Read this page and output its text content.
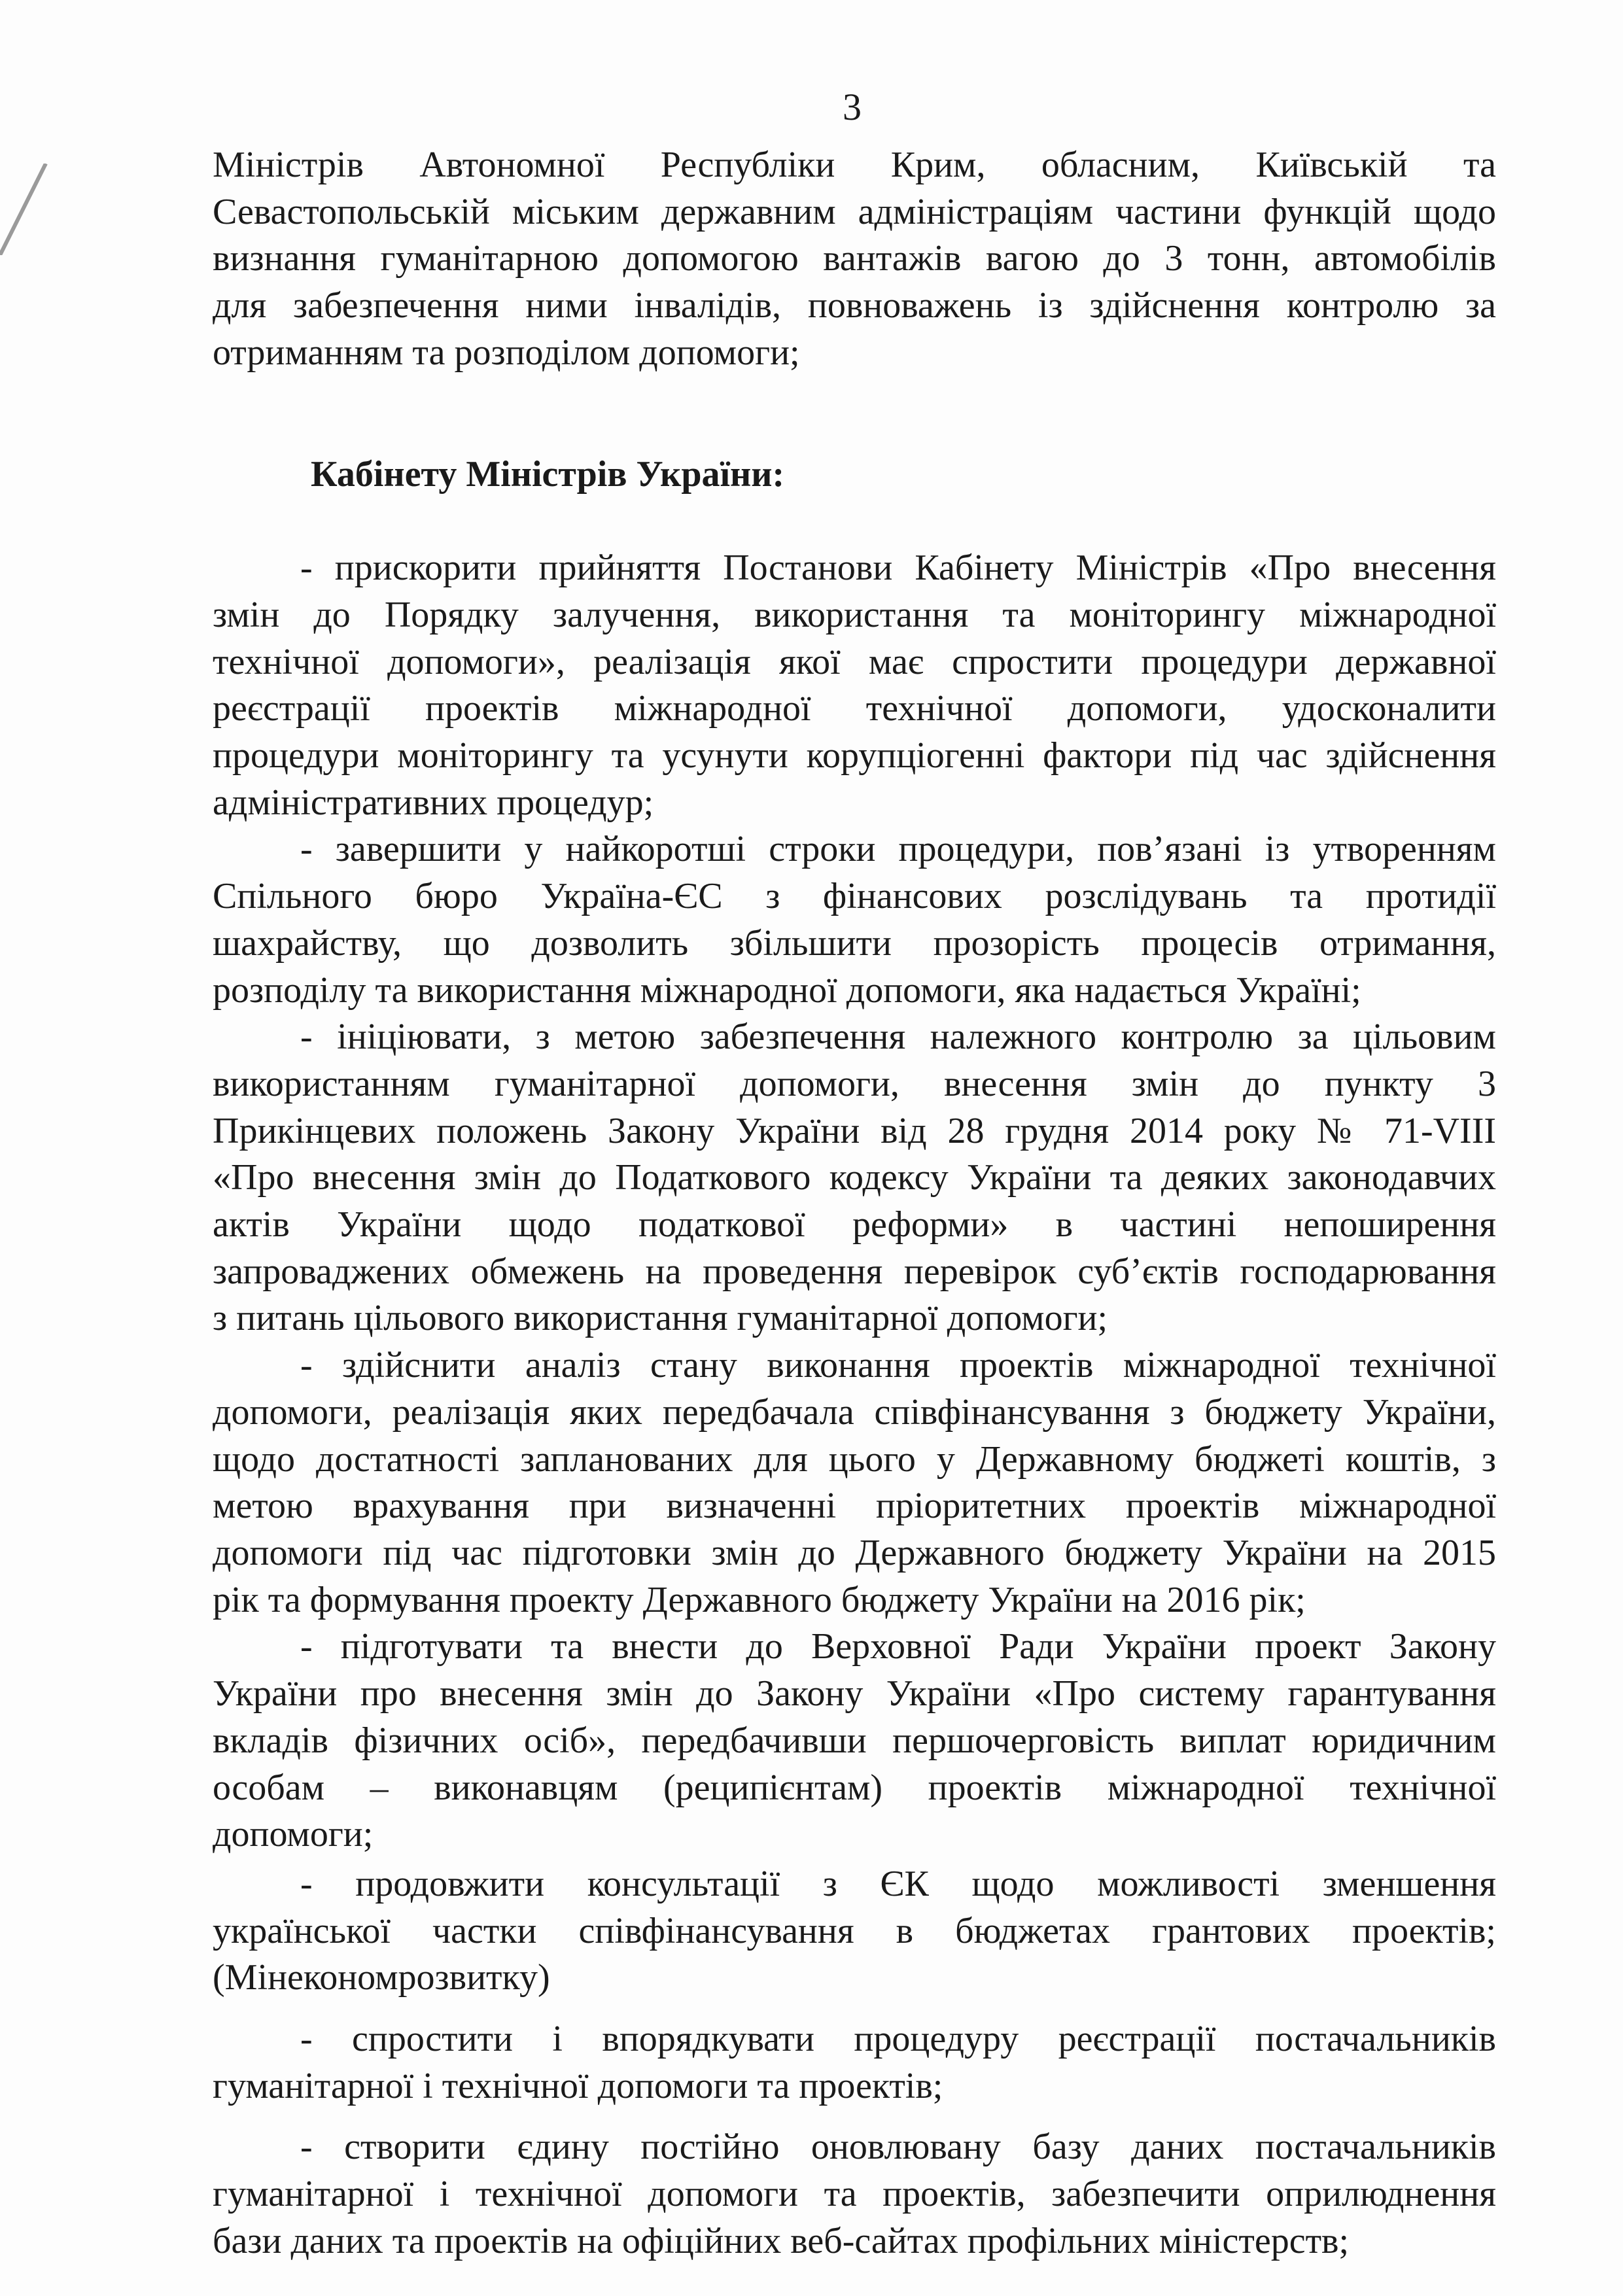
3
Міністрів Автономної Республіки Крим, обласним, Київській та
Севастопольській міським державним адміністраціям частини функцій щодо
визнання гуманітарною допомогою вантажів вагою до 3 тонн, автомобілів
для забезпечення ними інвалідів, повноважень із здійснення контролю за
отриманням та розподілом допомоги;
Кабінету Міністрів України:
- прискорити прийняття Постанови Кабінету Міністрів «Про внесення
змін до Порядку залучення, використання та моніторингу міжнародної
технічної допомоги», реалізація якої має спростити процедури державної
реєстрації проектів міжнародної технічної допомоги, удосконалити
процедури моніторингу та усунути корупціогенні фактори під час здійснення
адміністративних процедур;
- завершити у найкоротші строки процедури, пов’язані із утворенням
Спільного бюро Україна-ЄС з фінансових розслідувань та протидії
шахрайству, що дозволить збільшити прозорість процесів отримання,
розподілу та використання міжнародної допомоги, яка надається Україні;
- ініціювати, з метою забезпечення належного контролю за цільовим
використанням гуманітарної допомоги, внесення змін до пункту 3
Прикінцевих положень Закону України від 28 грудня 2014 року № 71-VIII
«Про внесення змін до Податкового кодексу України та деяких законодавчих
актів України щодо податкової реформи» в частині непоширення
запроваджених обмежень на проведення перевірок суб’єктів господарювання
з питань цільового використання гуманітарної допомоги;
- здійснити аналіз стану виконання проектів міжнародної технічної
допомоги, реалізація яких передбачала співфінансування з бюджету України,
щодо достатності запланованих для цього у Державному бюджеті коштів, з
метою врахування при визначенні пріоритетних проектів міжнародної
допомоги під час підготовки змін до Державного бюджету України на 2015
рік та формування проекту Державного бюджету України на 2016 рік;
- підготувати та внести до Верховної Ради України проект Закону
України про внесення змін до Закону України «Про систему гарантування
вкладів фізичних осіб», передбачивши першочерговість виплат юридичним
особам – виконавцям (реципієнтам) проектів міжнародної технічної
допомоги;
- продовжити консультації з ЄК щодо можливості зменшення
української частки співфінансування в бюджетах грантових проектів;
(Мінекономрозвитку)
- спростити і впорядкувати процедуру реєстрації постачальників
гуманітарної і технічної допомоги та проектів;
- створити єдину постійно оновлювану базу даних постачальників
гуманітарної і технічної допомоги та проектів, забезпечити оприлюднення
бази даних та проектів на офіційних веб-сайтах профільних міністерств;
